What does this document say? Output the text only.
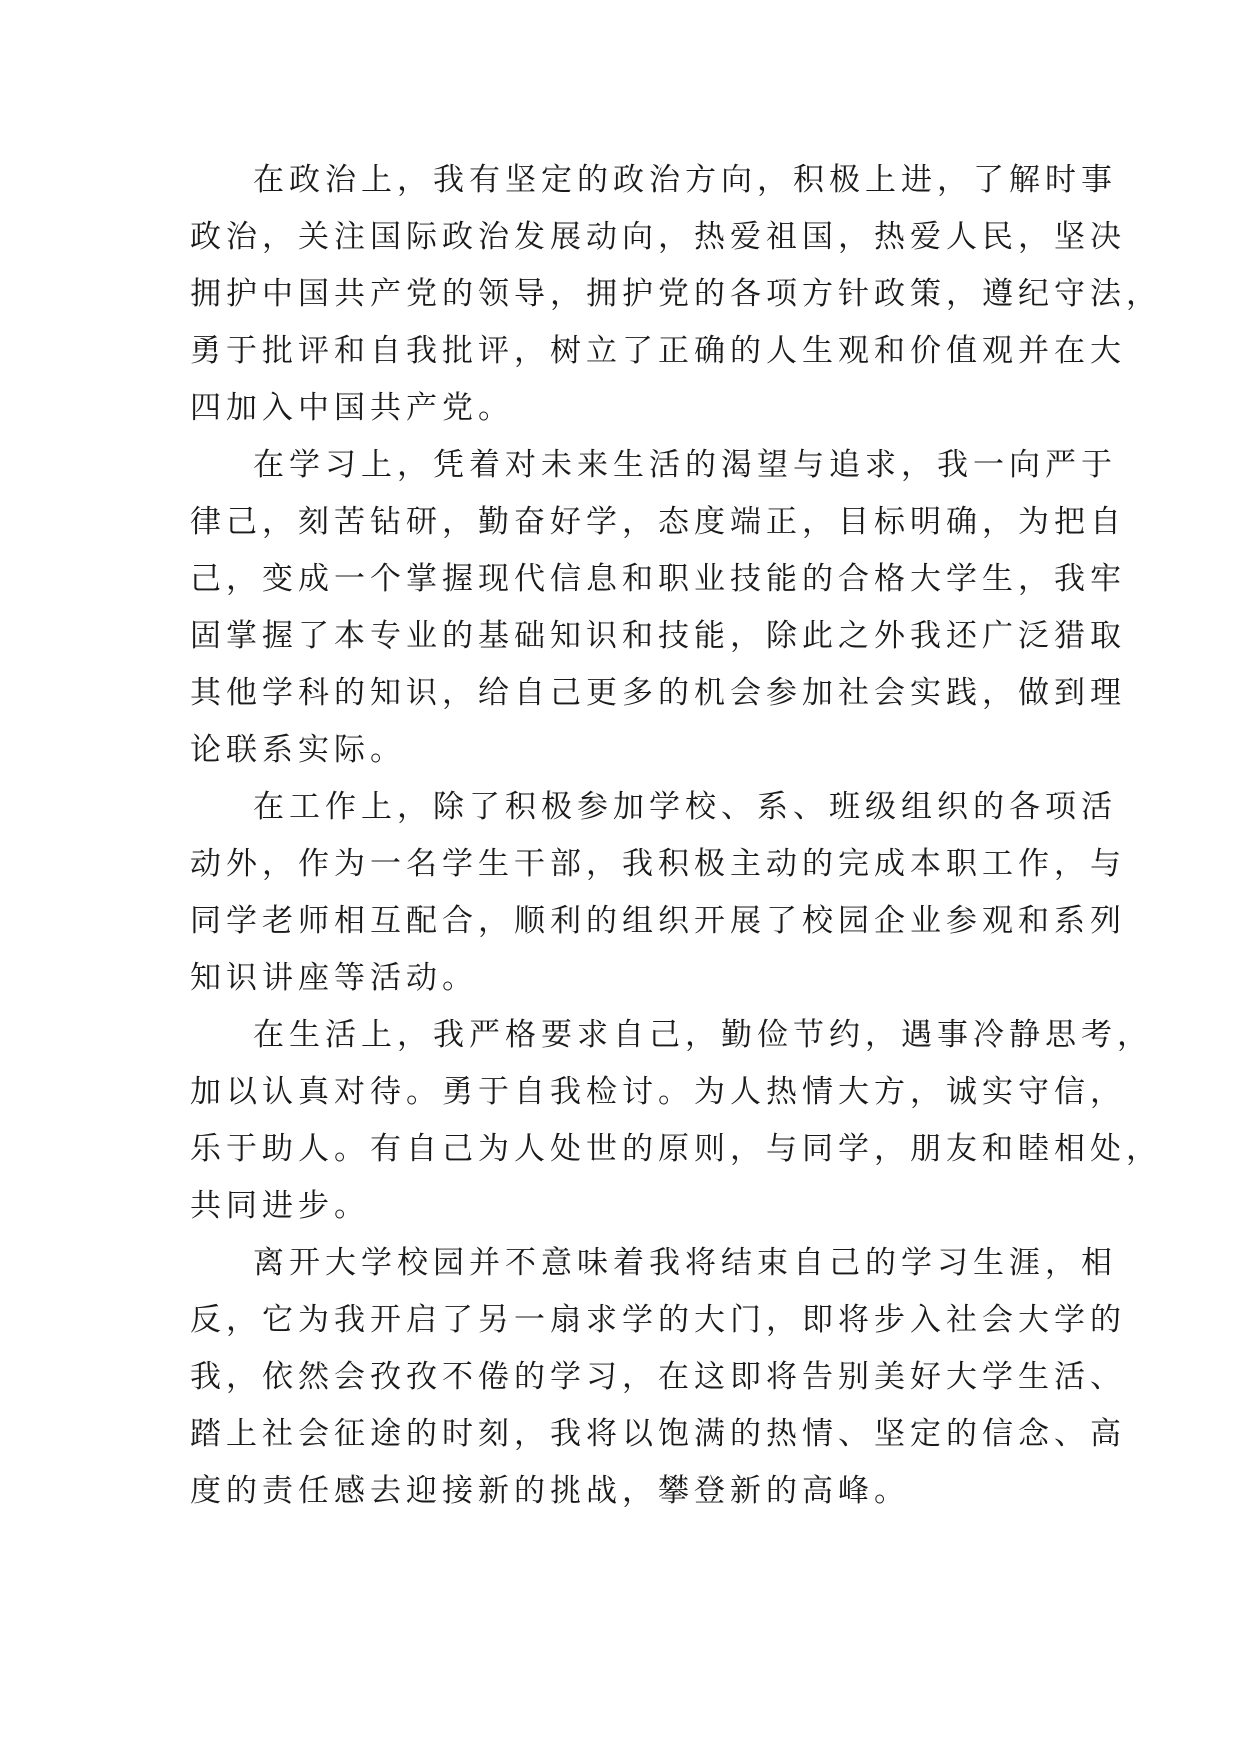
在政治上，我有坚定的政治方向，积极上进，了解时事

政治，关注国际政治发展动向，热爱祖国，热爱人民，坚决

拥护中国共产党的领导，拥护党的各项方针政策，遵纪守法，

勇于批评和自我批评，树立了正确的人生观和价值观并在大

四加入中国共产党。

在学习上，凭着对未来生活的渴望与追求，我一向严于

律己，刻苦钻研，勤奋好学，态度端正，目标明确，为把自

己，变成一个掌握现代信息和职业技能的合格大学生，我牢

固掌握了本专业的基础知识和技能，除此之外我还广泛猎取

其他学科的知识，给自己更多的机会参加社会实践，做到理

论联系实际。

在工作上，除了积极参加学校、系、班级组织的各项活

动外，作为一名学生干部，我积极主动的完成本职工作，与

同学老师相互配合，顺利的组织开展了校园企业参观和系列

知识讲座等活动。

在生活上，我严格要求自己，勤俭节约，遇事冷静思考，

加以认真对待。勇于自我检讨。为人热情大方，诚实守信，

乐于助人。有自己为人处世的原则，与同学，朋友和睦相处，

共同进步。

离开大学校园并不意味着我将结束自己的学习生涯，相

反，它为我开启了另一扇求学的大门，即将步入社会大学的

我，依然会孜孜不倦的学习，在这即将告别美好大学生活、

踏上社会征途的时刻，我将以饱满的热情、坚定的信念、高

度的责任感去迎接新的挑战，攀登新的高峰。
